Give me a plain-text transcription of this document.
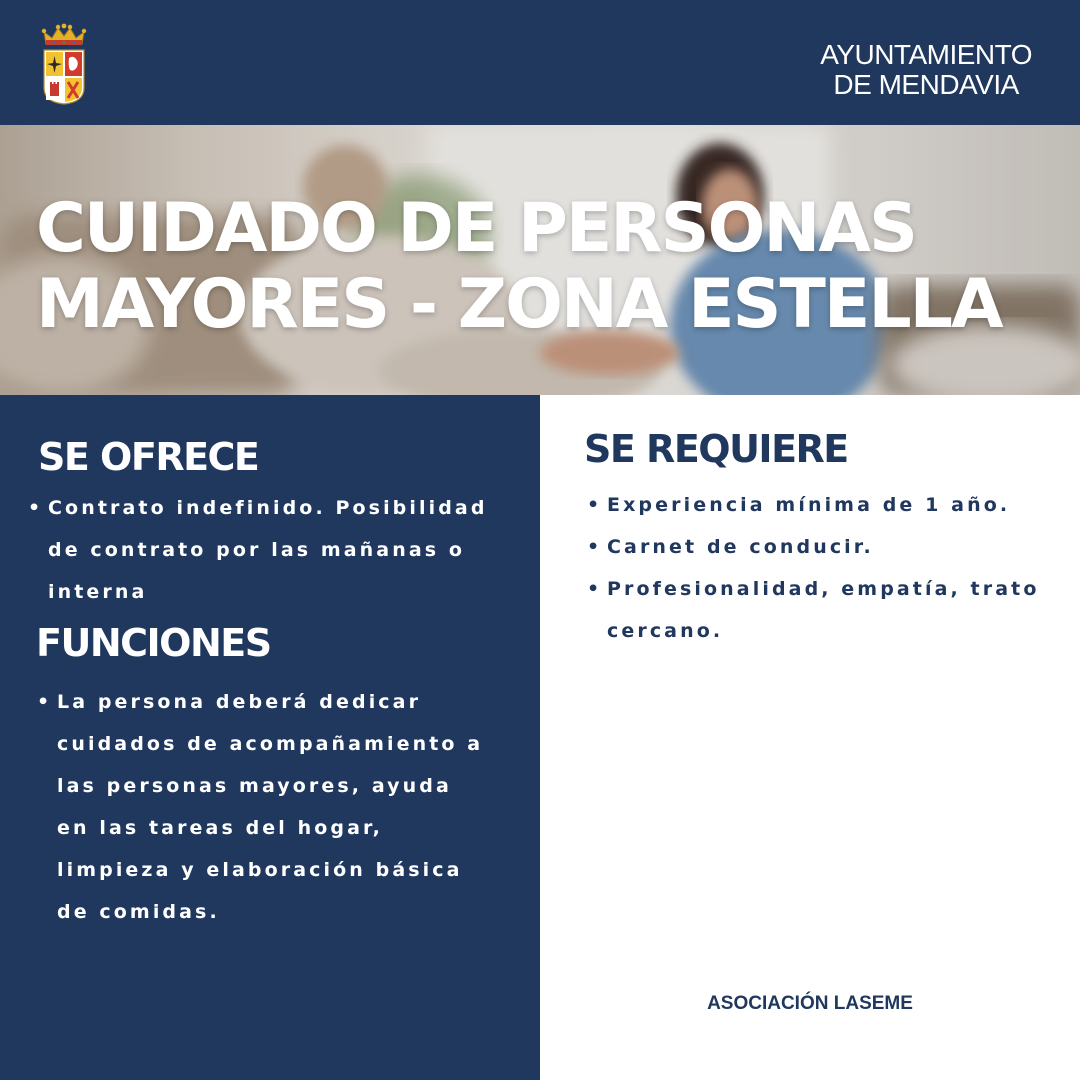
AYUNTAMIENTO
DE MENDAVIA
CUIDADO DE PERSONAS
MAYORES - ZONA ESTELLA
SE OFRECE
• Contrato indefinido. Posibilidad de contrato por las mañanas o interna
FUNCIONES
• La persona deberá dedicar cuidados de acompañamiento a las personas mayores, ayuda en las tareas del hogar, limpieza y elaboración básica de comidas.
SE REQUIERE
• Experiencia mínima de 1 año.
• Carnet de conducir.
• Profesionalidad, empatía, trato cercano.
ASOCIACIÓN LASEME
